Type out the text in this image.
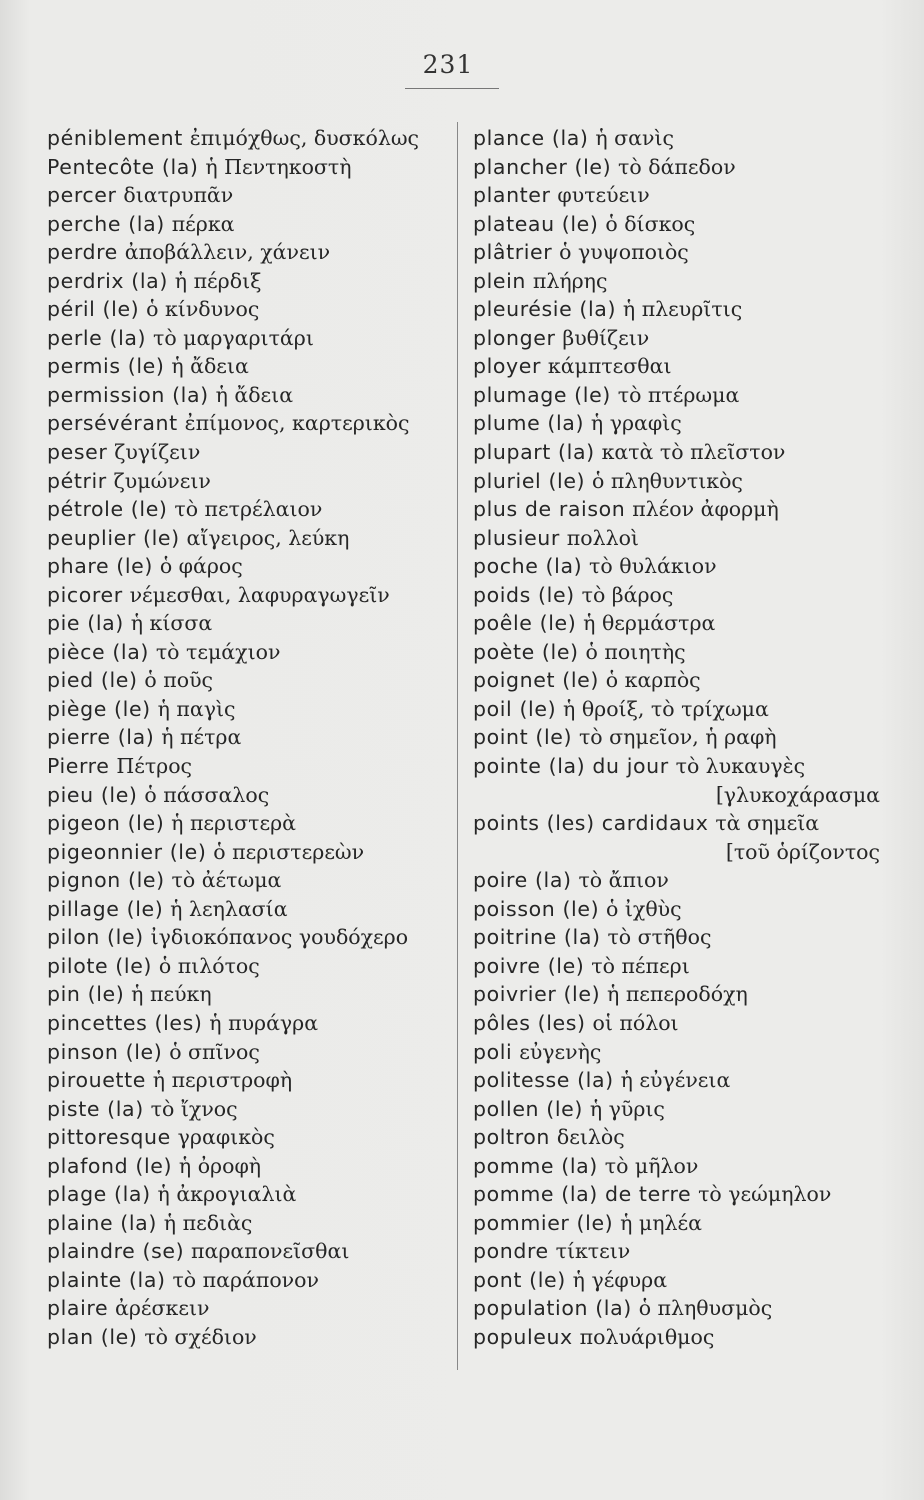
231
péniblement ἐπιμόχθως, δυσκόλως
Pentecôte (la) ἡ Πεντηκοστὴ
percer διατρυπᾶν
perche (la) πέρκα
perdre ἀποβάλλειν, χάνειν
perdrix (la) ἡ πέρδιξ
péril (le) ὁ κίνδυνος
perle (la) τὸ μαργαριτάρι
permis (le) ἡ ἄδεια
permission (la) ἡ ἄδεια
persévérant ἐπίμονος, καρτερικὸς
peser ζυγίζειν
pétrir ζυμώνειν
pétrole (le) τὸ πετρέλαιον
peuplier (le) αἴγειρος, λεύκη
phare (le) ὁ φάρος
picorer νέμεσθαι, λαφυραγωγεῖν
pie (la) ἡ κίσσα
pièce (la) τὸ τεμάχιον
pied (le) ὁ ποῦς
piège (le) ἡ παγὶς
pierre (la) ἡ πέτρα
Pierre Πέτρος
pieu (le) ὁ πάσσαλος
pigeon (le) ἡ περιστερὰ
pigeonnier (le) ὁ περιστερεὼν
pignon (le) τὸ ἀέτωμα
pillage (le) ἡ λεηλασία
pilon (le) ἰγδιοκόπανος γουδόχερο
pilote (le) ὁ πιλότος
pin (le) ἡ πεύκη
pincettes (les) ἡ πυράγρα
pinson (le) ὁ σπῖνος
pirouette ἡ περιστροφὴ
piste (la) τὸ ἴχνος
pittoresque γραφικὸς
plafond (le) ἡ ὀροφὴ
plage (la) ἡ ἀκρογιαλιὰ
plaine (la) ἡ πεδιὰς
plaindre (se) παραπονεῖσθαι
plainte (la) τὸ παράπονον
plaire ἀρέσκειν
plan (le) τὸ σχέδιον
plance (la) ἡ σανὶς
plancher (le) τὸ δάπεδον
planter φυτεύειν
plateau (le) ὁ δίσκος
plâtrier ὁ γυψοποιὸς
plein πλήρης
pleurésie (la) ἡ πλευρῖτις
plonger βυθίζειν
ployer κάμπτεσθαι
plumage (le) τὸ πτέρωμα
plume (la) ἡ γραφὶς
plupart (la) κατὰ τὸ πλεῖστον
pluriel (le) ὁ πληθυντικὸς
plus de raison πλέον ἀφορμὴ
plusieur πολλοὶ
poche (la) τὸ θυλάκιον
poids (le) τὸ βάρος
poêle (le) ἡ θερμάστρα
poète (le) ὁ ποιητὴς
poignet (le) ὁ καρπὸς
poil (le) ἡ θροίξ, τὸ τρίχωμα
point (le) τὸ σημεῖον, ἡ ραφὴ
pointe (la) du jour τὸ λυκαυγὲς
[γλυκοχάρασμα
points (les) cardidaux τὰ σημεῖα
[τοῦ ὁρίζοντος
poire (la) τὸ ἄπιον
poisson (le) ὁ ἰχθὺς
poitrine (la) τὸ στῆθος
poivre (le) τὸ πέπερι
poivrier (le) ἡ πεπεροδόχη
pôles (les) οἱ πόλοι
poli εὐγενὴς
politesse (la) ἡ εὐγένεια
pollen (le) ἡ γῦρις
poltron δειλὸς
pomme (la) τὸ μῆλον
pomme (la) de terre τὸ γεώμηλον
pommier (le) ἡ μηλέα
pondre τίκτειν
pont (le) ἡ γέφυρα
population (la) ὁ πληθυσμὸς
populeux πολυάριθμος
